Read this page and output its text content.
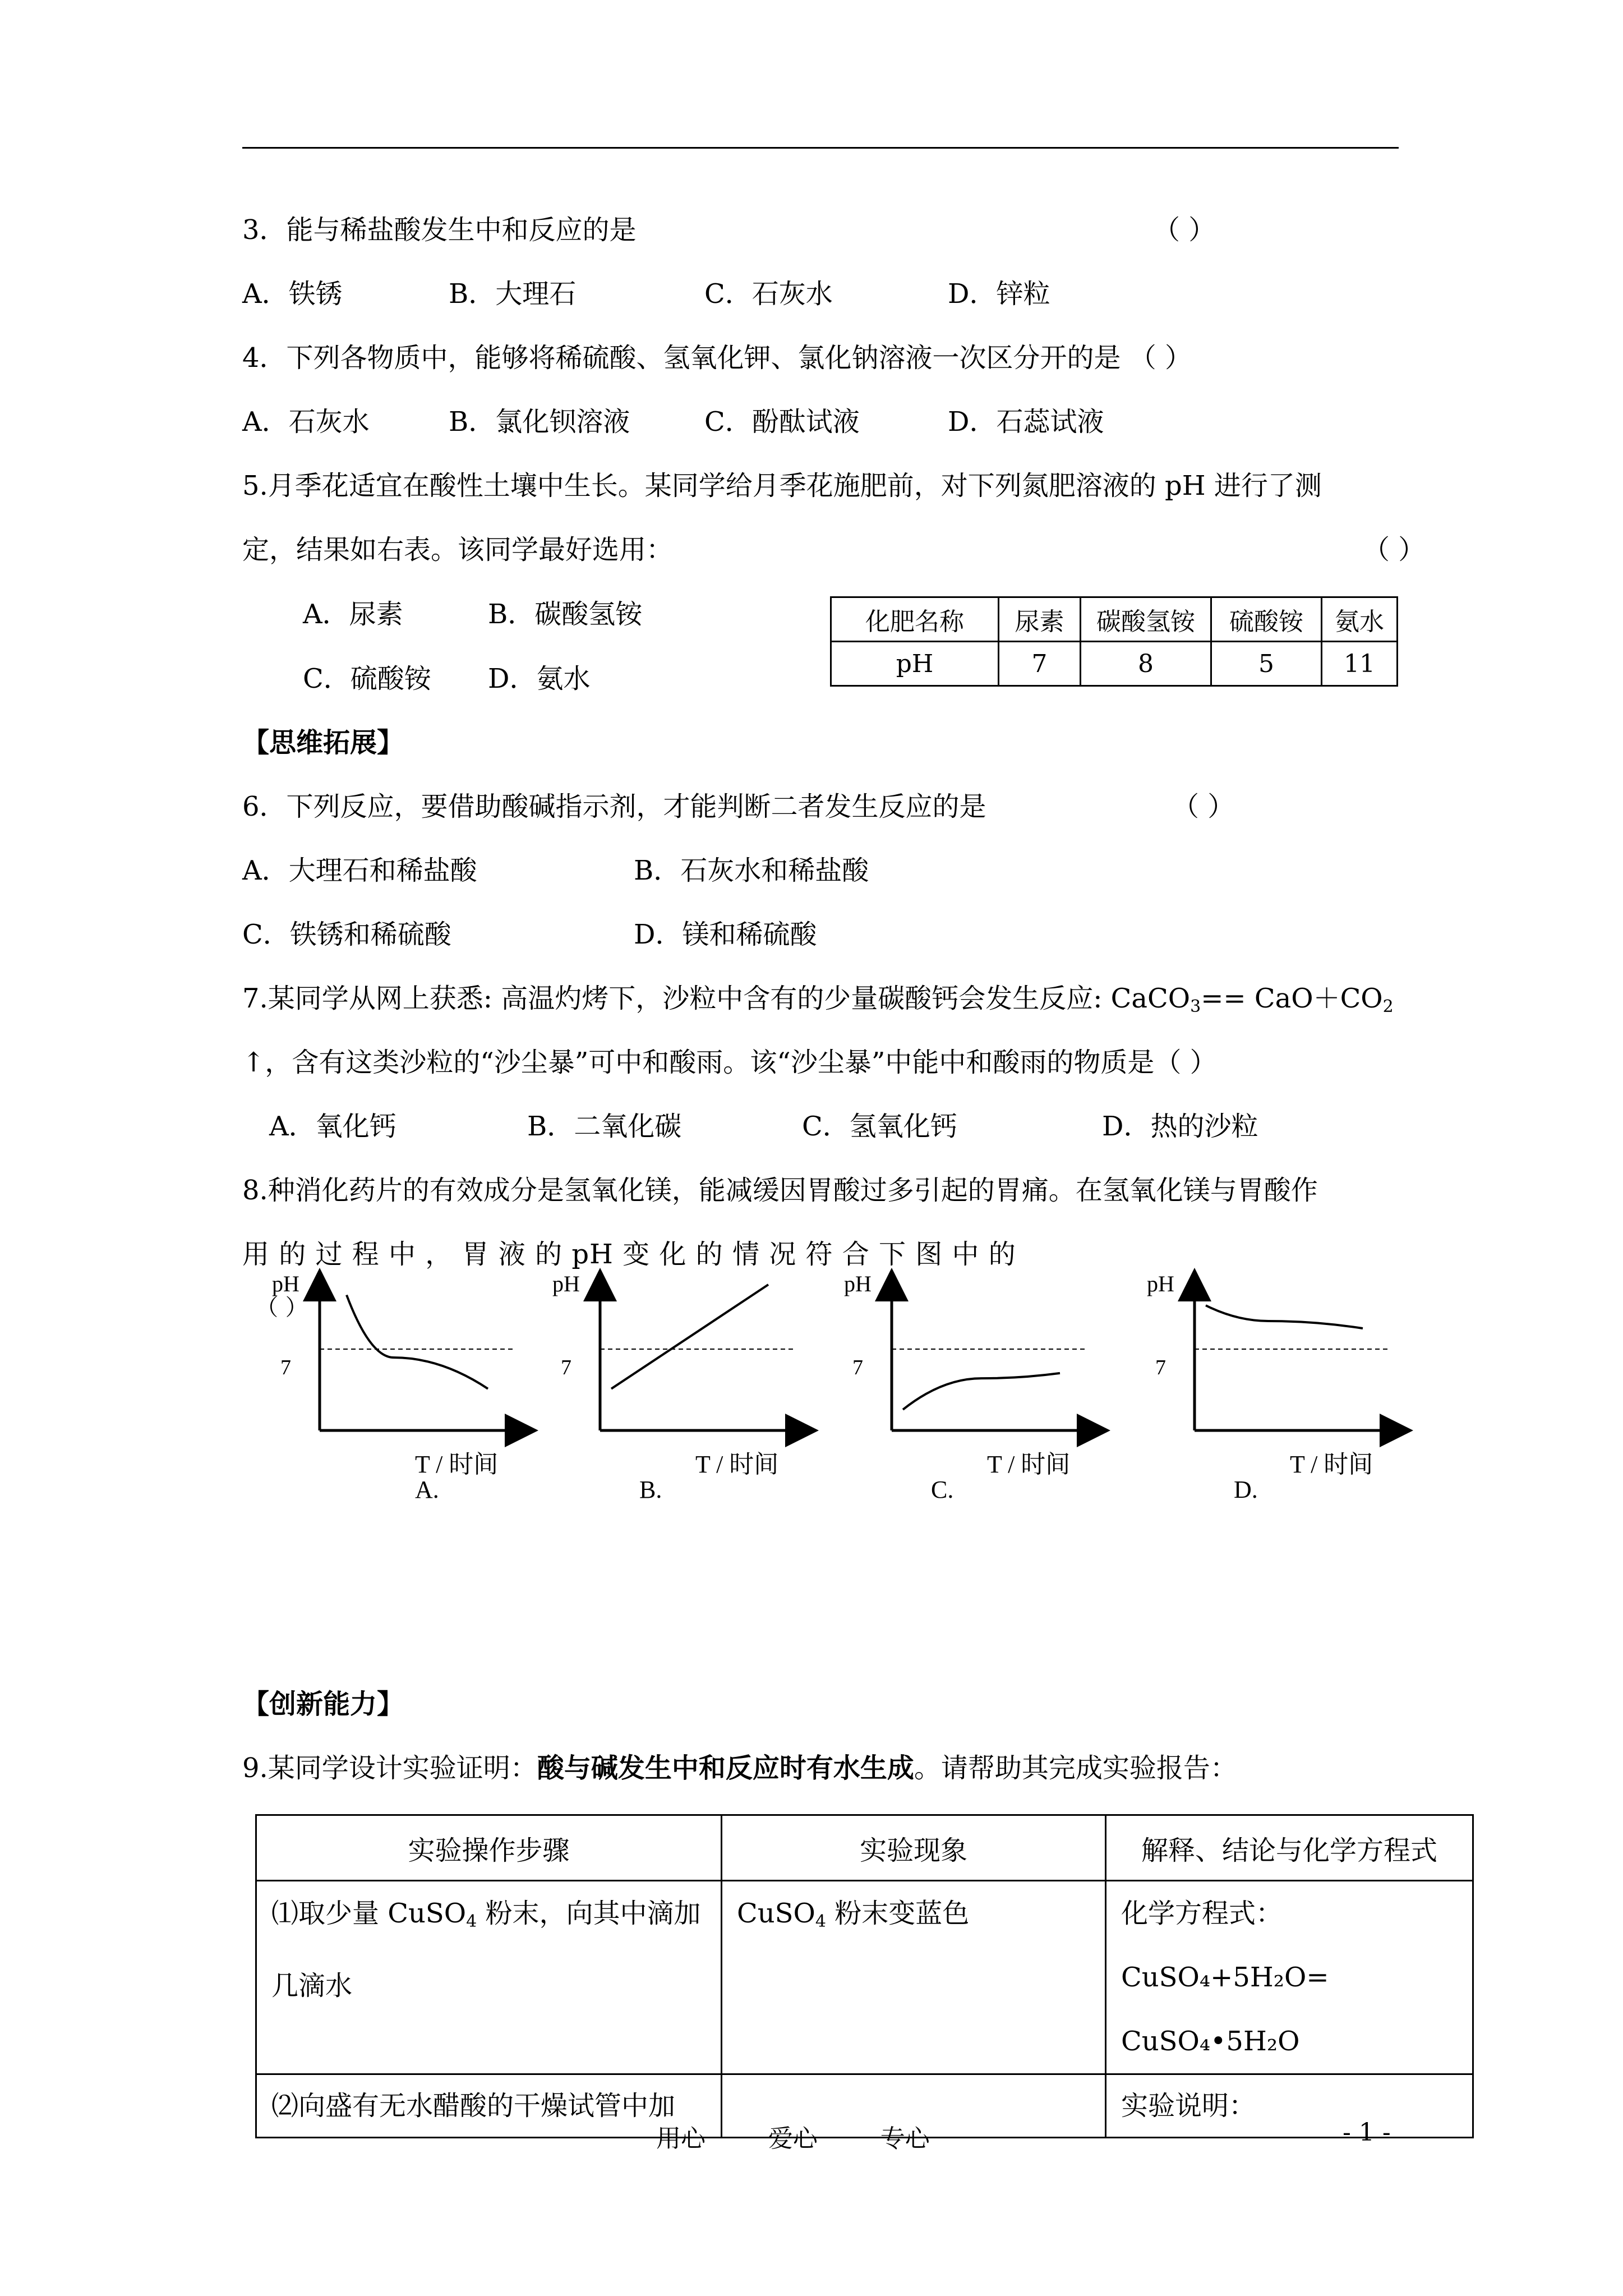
3．能与稀盐酸发生中和反应的是	（ ）
A．铁锈	B．大理石	C．石灰水	D．锌粒
4．下列各物质中，能够将稀硫酸、氢氧化钾、氯化钠溶液一次区分开的是 （ ）
A．石灰水	B．氯化钡溶液	C．酚酞试液	D．石蕊试液
5.月季花适宜在酸性土壤中生长。某同学给月季花施肥前，对下列氮肥溶液的 pH 进行了测
定，结果如右表。该同学最好选用：	（ ）
A．尿素	B．碳酸氢铵
C．硫酸铵 D．氨水
化肥名称	尿素	碳酸氢铵	硫酸铵	氨水
pH	7	8	5	11
【思维拓展】
6．下列反应，要借助酸碱指示剂，才能判断二者发生反应的是	（ ）
A．大理石和稀盐酸	B．石灰水和稀盐酸
C．铁锈和稀硫酸	D．镁和稀硫酸
7.某同学从网上获悉: 高温灼烤下，沙粒中含有的少量碳酸钙会发生反应: CaCO$_3$== $CaO+CO_2$
↑，含有这类沙粒的“沙尘暴”可中和酸雨。该“沙尘暴”中能中和酸雨的物质是（ ）
A．氧化钙	B．二氧化碳	C．氢氧化钙	D．热的沙粒
8.种消化药片的有效成分是氢氧化镁，能减缓因胃酸过多引起的胃痛。在氢氧化镁与胃酸作
用 的 过 程 中 ， 胃 液 的 pH 变 化 的 情 况 符 合 下 图 中 的
（ ）
pH
7
T / 时间
A.
pH
7
T / 时间
B.
pH
7
T / 时间
C.
pH
7
T / 时间
D.
【创新能力】
9.某同学设计实验证明：酸与碱发生中和反应时有水生成。请帮助其完成实验报告：
实验操作步骤	实验现象	解释、结论与化学方程式
⑴取少量 CuSO$_4$ 粉末，向其中滴加
几滴水	CuSO$_4$ 粉末变蓝色	化学方程式：
CuSO₄+5H₂O= CuSO₄•5H₂O
⑵向盛有无水醋酸的干燥试管中加		实验说明：
用心        爱心        专心	- 1 -
